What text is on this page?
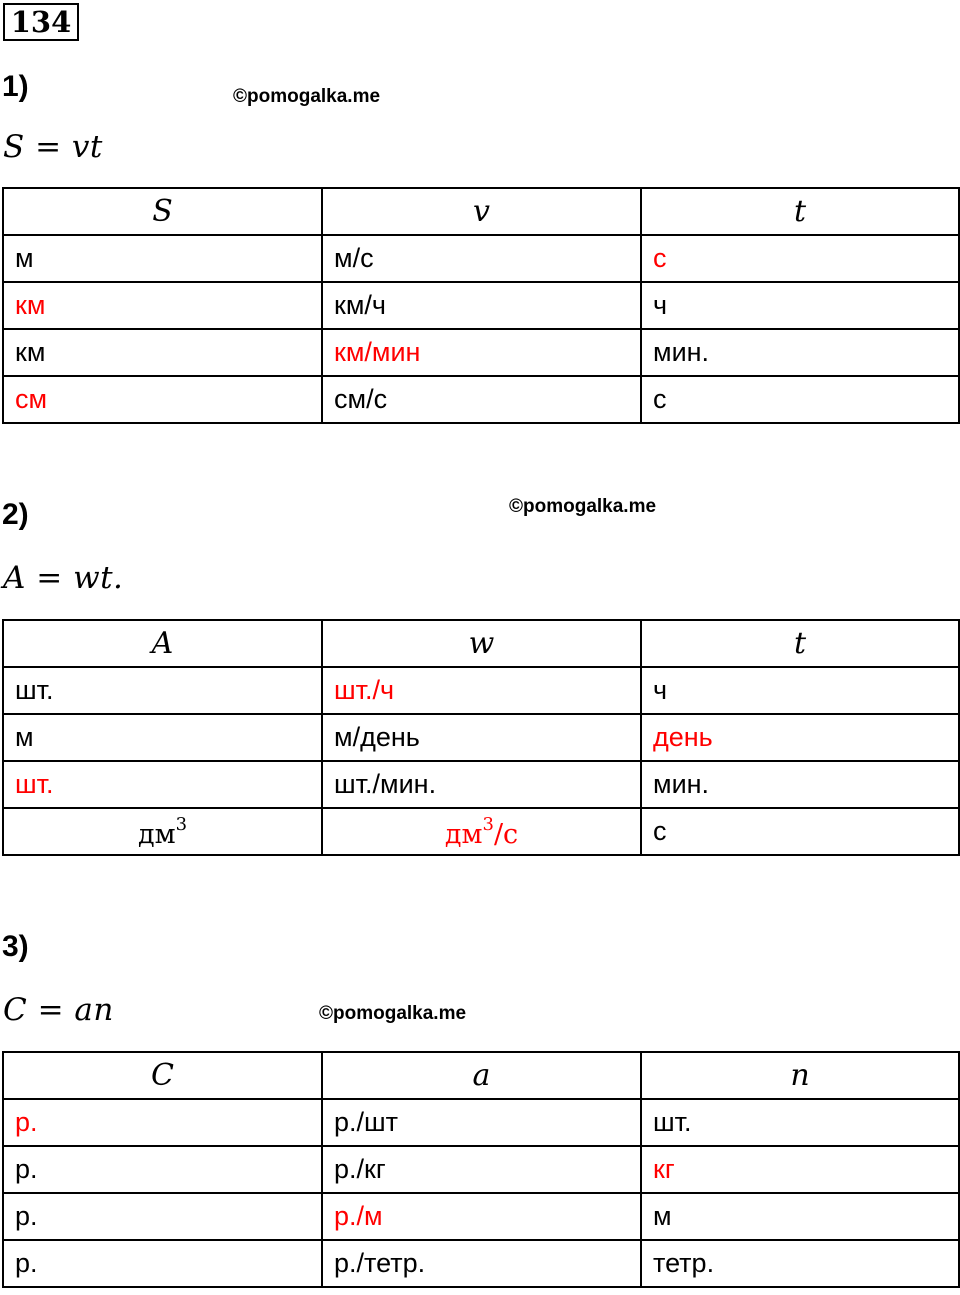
134
1)	©pomogalka.me
S = vt
S	v	t
м	м/с	с
км	км/ч	ч
км	км/мин	мин.
см	см/с	с
2)	©pomogalka.me
A = wt.
A	w	t
шт.	шт./ч	ч
м	м/день	день
шт.	шт./мин.	мин.
$дм^3$	$дм^3/с$	с
3)
©pomogalka.me
С = an
C	a	n
р.	р./шт	шт.
р.	р./кг	кг
р.	р./м	м
р.	р./тетр.	тетр.
